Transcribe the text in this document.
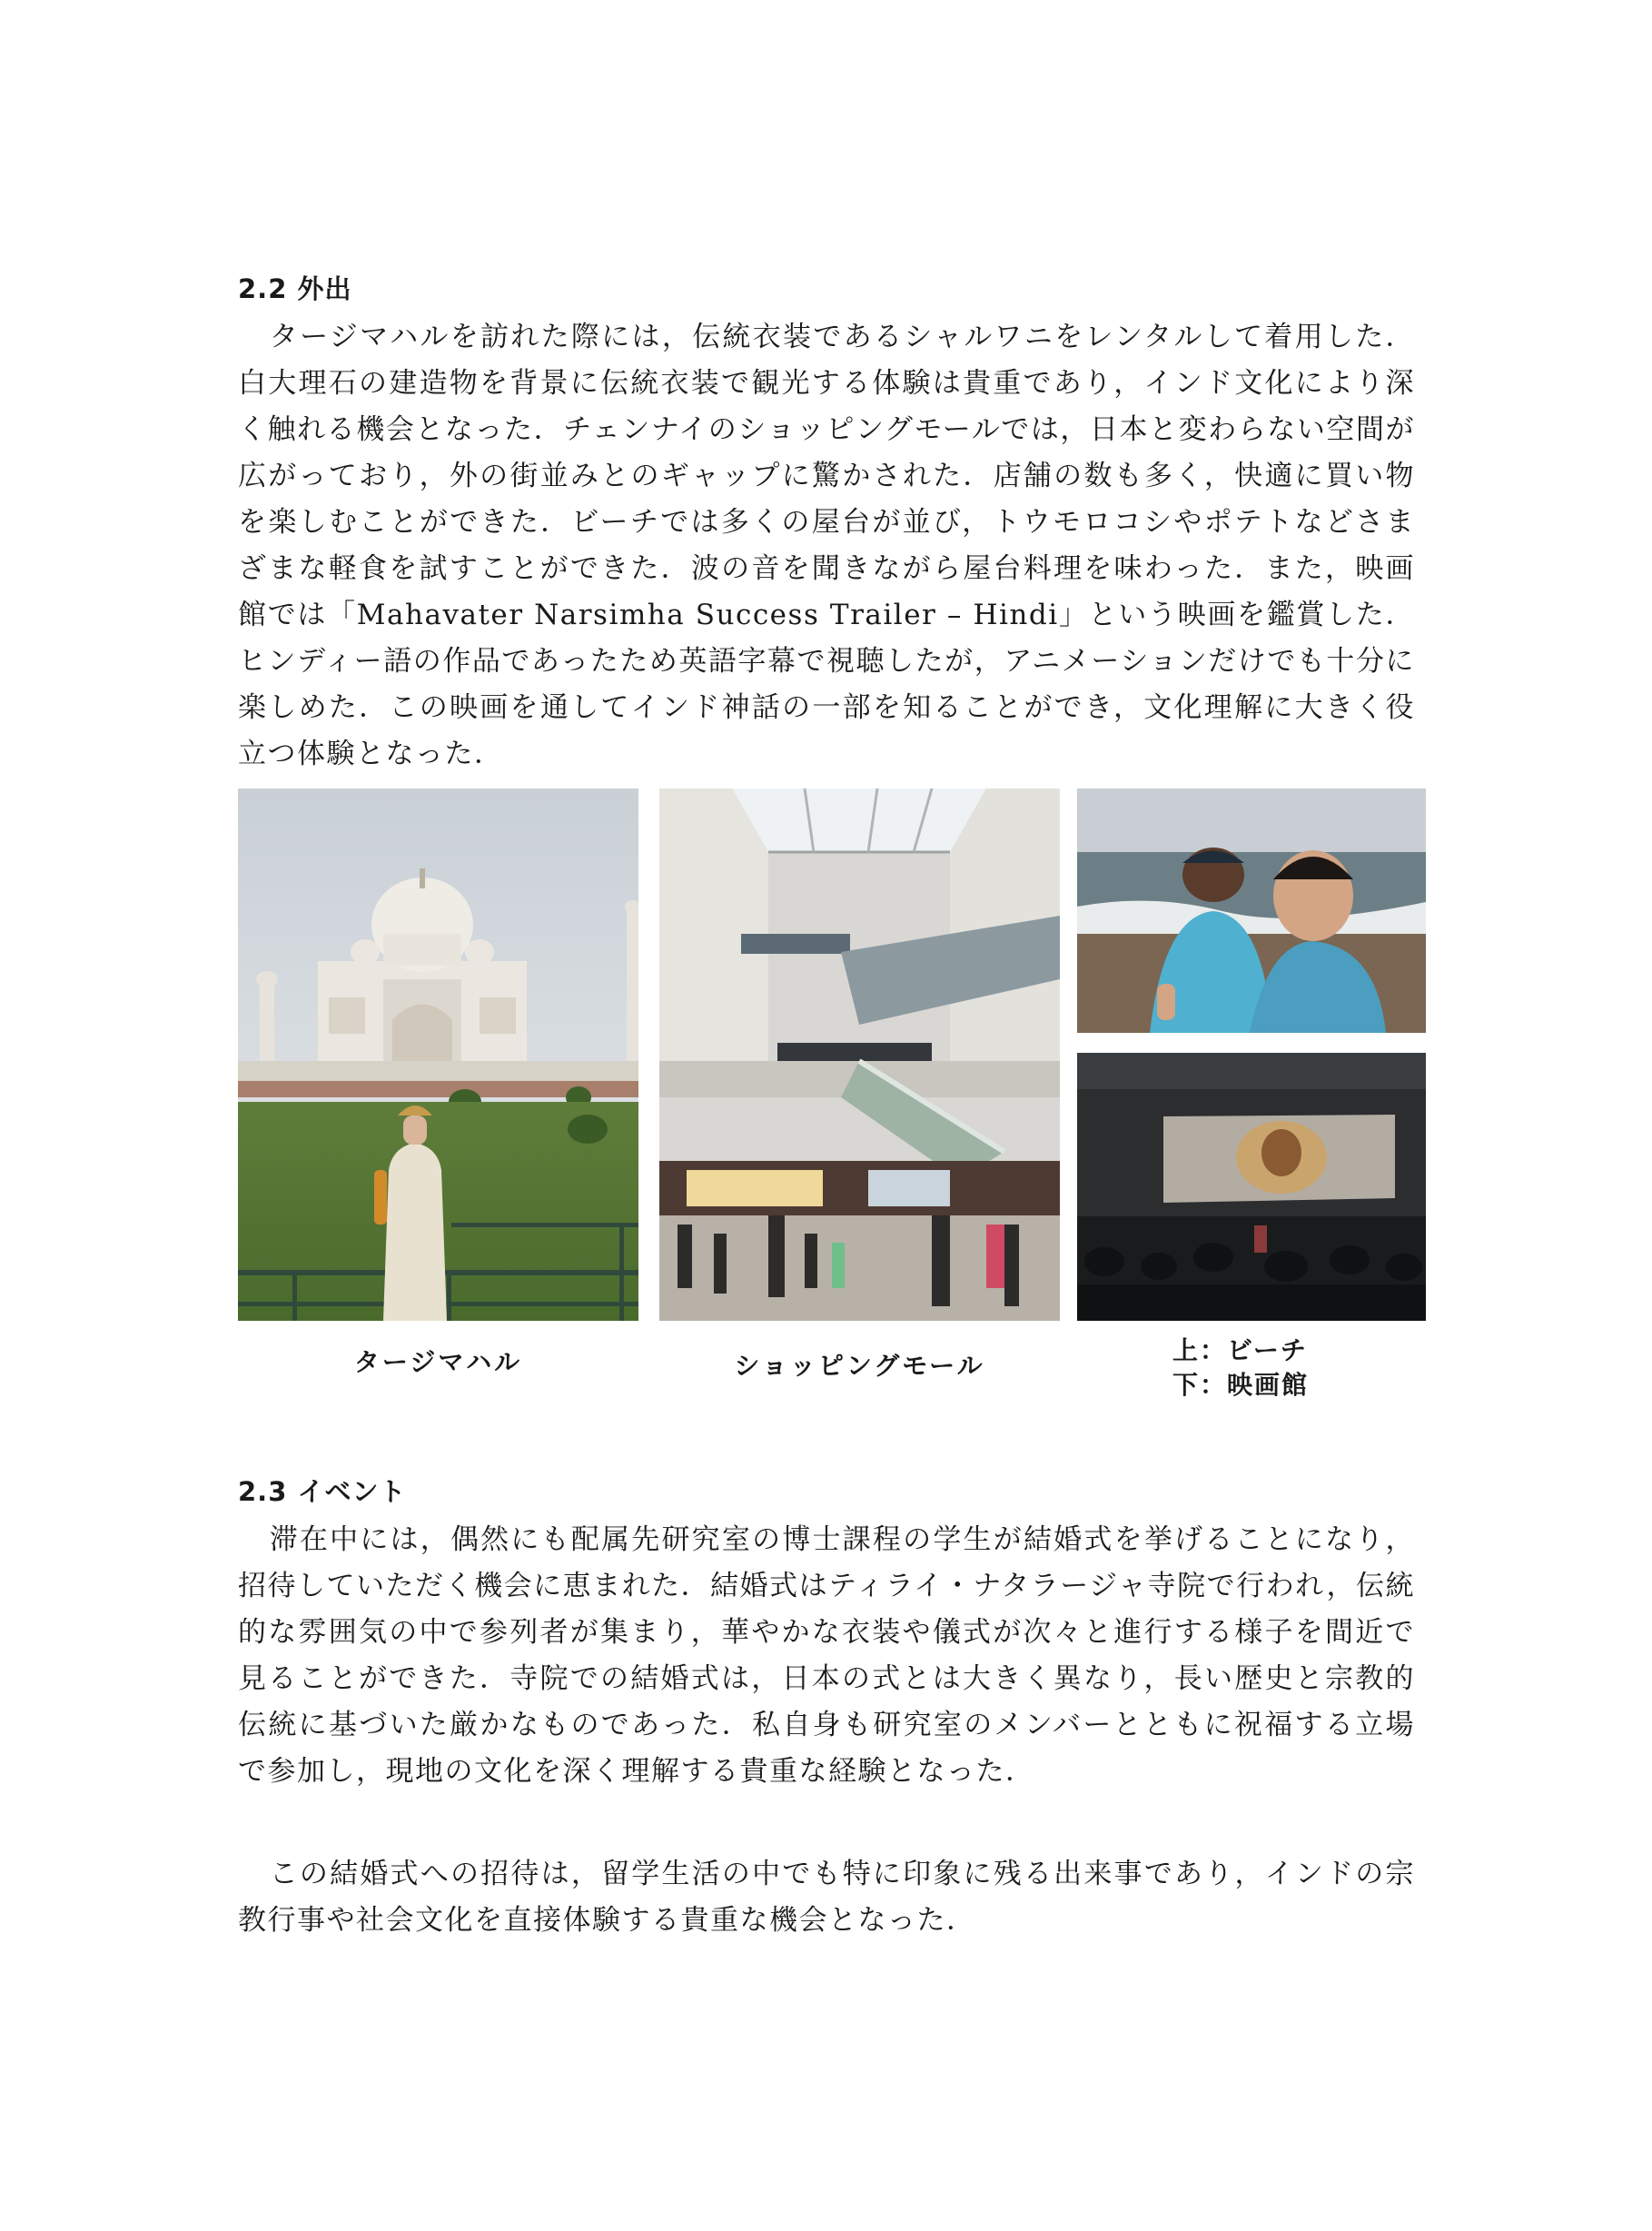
2.2 外出

タージマハルを訪れた際には，伝統衣装であるシャルワニをレンタルして着用した．白大理石の建造物を背景に伝統衣装で観光する体験は貴重であり，インド文化により深く触れる機会となった．チェンナイのショッピングモールでは，日本と変わらない空間が広がっており，外の街並みとのギャップに驚かされた．店舗の数も多く，快適に買い物を楽しむことができた．ビーチでは多くの屋台が並び，トウモロコシやポテトなどさまざまな軽食を試すことができた．波の音を聞きながら屋台料理を味わった．また，映画館では「Mahavater Narsimha Success Trailer – Hindi」という映画を鑑賞した．ヒンディー語の作品であったため英語字幕で視聴したが，アニメーションだけでも十分に楽しめた．この映画を通してインド神話の一部を知ることができ，文化理解に大きく役立つ体験となった．

タージマハル	ショッピングモール
上：ビーチ
下：映画館
2.3 イベント

滞在中には，偶然にも配属先研究室の博士課程の学生が結婚式を挙げることになり，招待していただく機会に恵まれた．結婚式はティライ・ナタラージャ寺院で行われ，伝統的な雰囲気の中で参列者が集まり，華やかな衣装や儀式が次々と進行する様子を間近で見ることができた．寺院での結婚式は，日本の式とは大きく異なり，長い歴史と宗教的伝統に基づいた厳かなものであった．私自身も研究室のメンバーとともに祝福する立場で参加し，現地の文化を深く理解する貴重な経験となった．

この結婚式への招待は，留学生活の中でも特に印象に残る出来事であり，インドの宗教行事や社会文化を直接体験する貴重な機会となった．
